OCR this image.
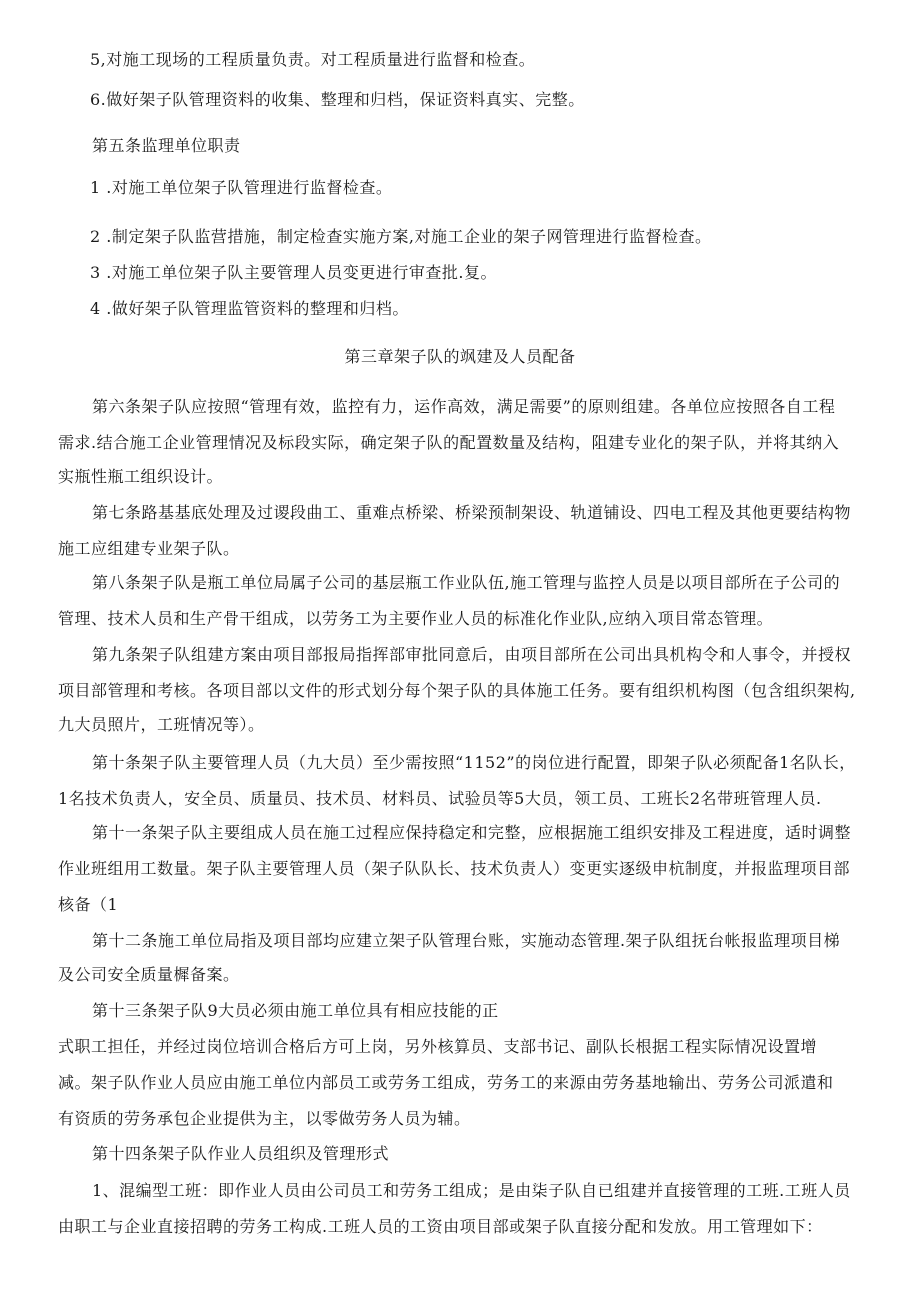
5,对施工现场的工程质量负责。对工程质量进行监督和检查。
6.做好架子队管理资料的收集、整理和归档，保证资料真实、完整。
第五条监理单位职责
1 .对施工单位架子队管理进行监督检查。
2 .制定架子队监营措施，制定检查实施方案,对施工企业的架子网管理进行监督检查。
3 .对施工单位架子队主要管理人员变更进行审查批.复。
4 .做好架子队管理监管资料的整理和归档。
第三章架子队的飒建及人员配备
第六条架子队应按照“管理有效，监控有力，运作高效，满足需要”的原则组建。各单位应按照各自工程
需求.结合施工企业管理情况及标段实际，确定架子队的配置数量及结构，阻建专业化的架子队，并将其纳入
实瓶性瓶工组织设计。
第七条路基基底处理及过谡段曲工、重难点桥梁、桥梁预制架设、轨道铺设、四电工程及其他更要结构物
施工应组建专业架子队。
第八条架子队是瓶工单位局属子公司的基层瓶工作业队伍,施工管理与监控人员是以项目部所在子公司的
管理、技术人员和生产骨干组成，以劳务工为主要作业人员的标准化作业队,应纳入项目常态管理。
第九条架子队组建方案由项目部报局指挥部审批同意后，由项目部所在公司出具机构令和人事令，并授权
项目部管理和考核。各项目部以文件的形式划分每个架子队的具体施工任务。要有组织机构图（包含组织架构,
九大员照片，工班情况等）。
第十条架子队主要管理人员（九大员）至少需按照“1152”的岗位进行配置，即架子队必须配备1名队长，
1名技术负责人，安全员、质量员、技术员、材料员、试验员等5大员，领工员、工班长2名带班管理人员.
第十一条架子队主要组成人员在施工过程应保持稳定和完整，应根据施工组织安排及工程进度，适时调整
作业班组用工数量。架子队主要管理人员（架子队队长、技术负责人）变更实逐级申杭制度，并报监理项目部
核备（1
第十二条施工单位局指及项目部均应建立架子队管理台账，实施动态管理.架子队组抚台帐报监理项目梯
及公司安全质量樨备案。
第十三条架子队9大员必须由施工单位具有相应技能的正
式职工担任，并经过岗位培训合格后方可上岗，另外核算员、支部书记、副队长根据工程实际情况设置增
减。架子队作业人员应由施工单位内部员工或劳务工组成，劳务工的来源由劳务基地输出、劳务公司派遣和
有资质的劳务承包企业提供为主，以零做劳务人员为辅。
第十四条架子队作业人员组织及管理形式
1、混编型工班：即作业人员由公司员工和劳务工组成；是由柒子队自已组建并直接管理的工班.工班人员
由职工与企业直接招聘的劳务工构成.工班人员的工资由项目部或架子队直接分配和发放。用工管理如下：
